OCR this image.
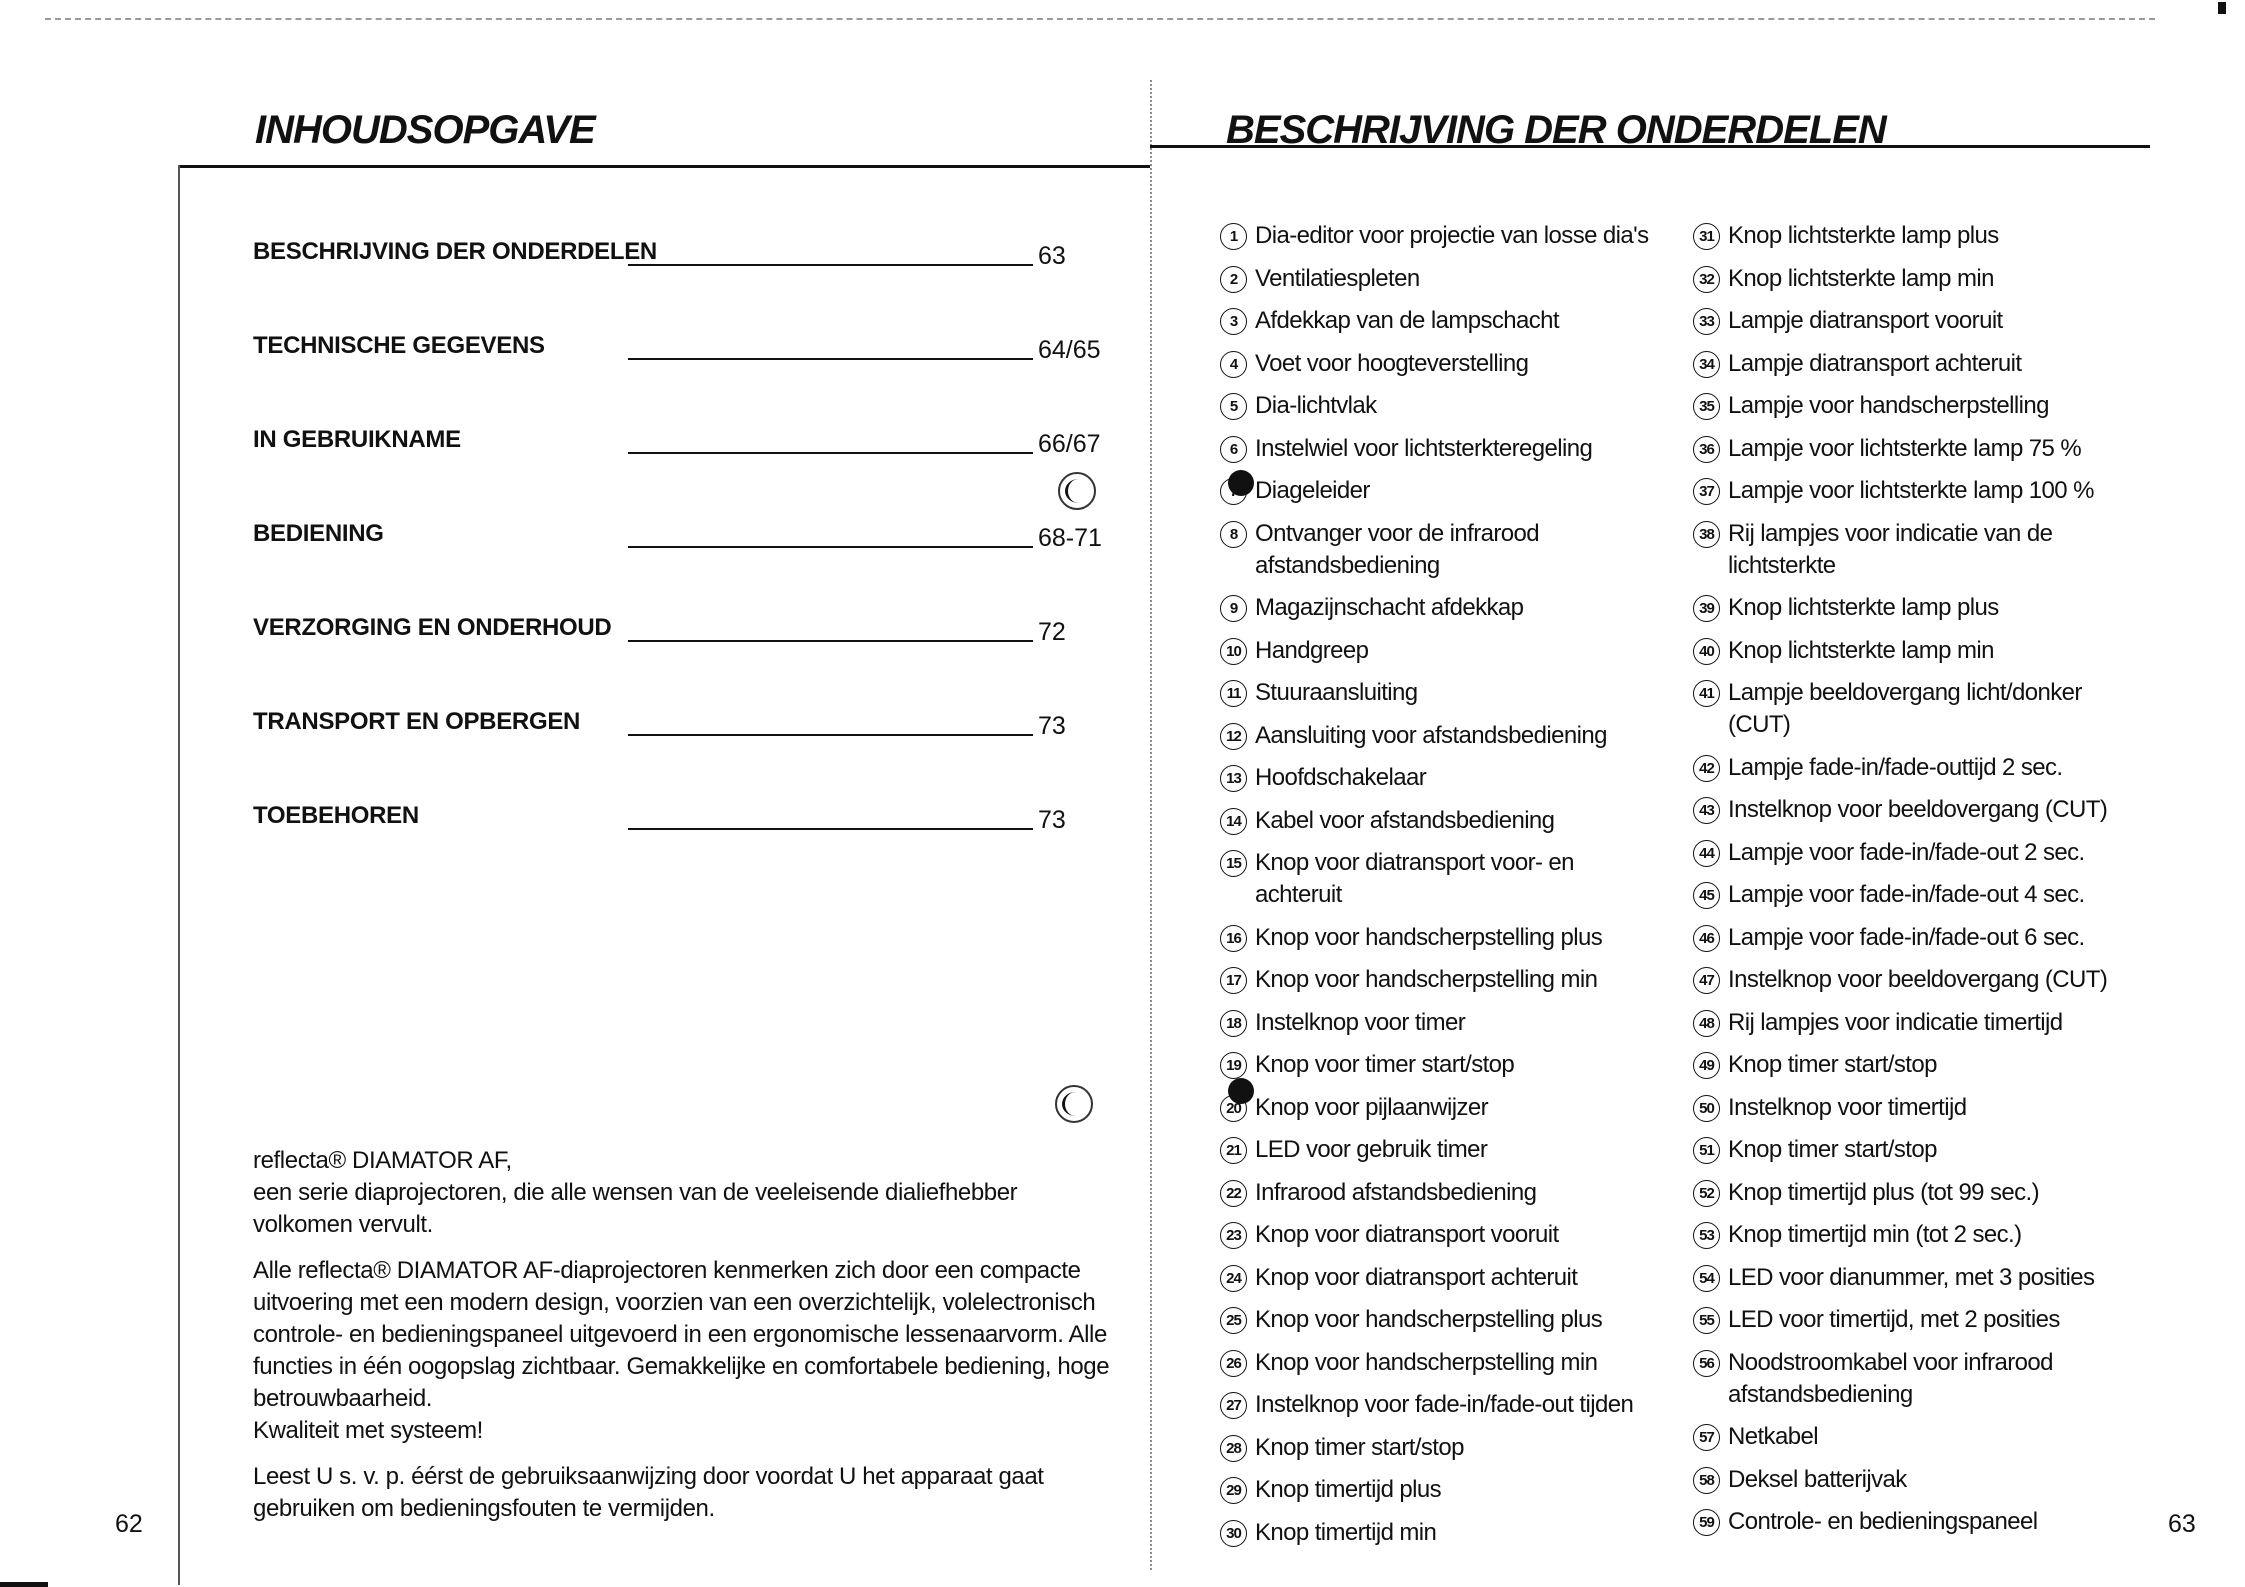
INHOUDSOPGAVE
BESCHRIJVING DER ONDERDELEN	63
TECHNISCHE GEGEVENS	64/65
IN GEBRUIKNAME	66/67
BEDIENING	68-71
VERZORGING EN ONDERHOUD	72
TRANSPORT EN OPBERGEN	73
TOEBEHOREN	73

reflecta® DIAMATOR AF,
een serie diaprojectoren, die alle wensen van de veeleisende dialiefhebber volkomen vervult.

Alle reflecta® DIAMATOR AF-diaprojectoren kenmerken zich door een compacte uitvoering met een modern design, voorzien van een overzichtelijk, volelectronisch controle- en bedieningspaneel uitgevoerd in een ergonomische lessenaarvorm. Alle functies in één oogopslag zichtbaar. Gemakkelijke en comfortabele bediening, hoge betrouwbaarheid.
Kwaliteit met systeem!

Leest U s. v. p. éérst de gebruiksaanwijzing door voordat U het apparaat gaat gebruiken om bedieningsfouten te vermijden.

62
BESCHRIJVING DER ONDERDELEN
1 Dia-editor voor projectie van losse dia's
2 Ventilatiespleten
3 Afdekkap van de lampschacht
4 Voet voor hoogteverstelling
5 Dia-lichtvlak
6 Instelwiel voor lichtsterkteregeling
7 Diageleider
8 Ontvanger voor de infrarood afstandsbediening
9 Magazijnschacht afdekkap
10 Handgreep
11 Stuuraansluiting
12 Aansluiting voor afstandsbediening
13 Hoofdschakelaar
14 Kabel voor afstandsbediening
15 Knop voor diatransport voor- en achteruit
16 Knop voor handscherpstelling plus
17 Knop voor handscherpstelling min
18 Instelknop voor timer
19 Knop voor timer start/stop
20 Knop voor pijlaanwijzer
21 LED voor gebruik timer
22 Infrarood afstandsbediening
23 Knop voor diatransport vooruit
24 Knop voor diatransport achteruit
25 Knop voor handscherpstelling plus
26 Knop voor handscherpstelling min
27 Instelknop voor fade-in/fade-out tijden
28 Knop timer start/stop
29 Knop timertijd plus
30 Knop timertijd min
31 Knop lichtsterkte lamp plus
32 Knop lichtsterkte lamp min
33 Lampje diatransport vooruit
34 Lampje diatransport achteruit
35 Lampje voor handscherpstelling
36 Lampje voor lichtsterkte lamp 75 %
37 Lampje voor lichtsterkte lamp 100 %
38 Rij lampjes voor indicatie van de lichtsterkte
39 Knop lichtsterkte lamp plus
40 Knop lichtsterkte lamp min
41 Lampje beeldovergang licht/donker (CUT)
42 Lampje fade-in/fade-outtijd 2 sec.
43 Instelknop voor beeldovergang (CUT)
44 Lampje voor fade-in/fade-out 2 sec.
45 Lampje voor fade-in/fade-out 4 sec.
46 Lampje voor fade-in/fade-out 6 sec.
47 Instelknop voor beeldovergang (CUT)
48 Rij lampjes voor indicatie timertijd
49 Knop timer start/stop
50 Instelknop voor timertijd
51 Knop timer start/stop
52 Knop timertijd plus (tot 99 sec.)
53 Knop timertijd min (tot 2 sec.)
54 LED voor dianummer, met 3 posities
55 LED voor timertijd, met 2 posities
56 Noodstroomkabel voor infrarood afstandsbediening
57 Netkabel
58 Deksel batterijvak
59 Controle- en bedieningspaneel	63
